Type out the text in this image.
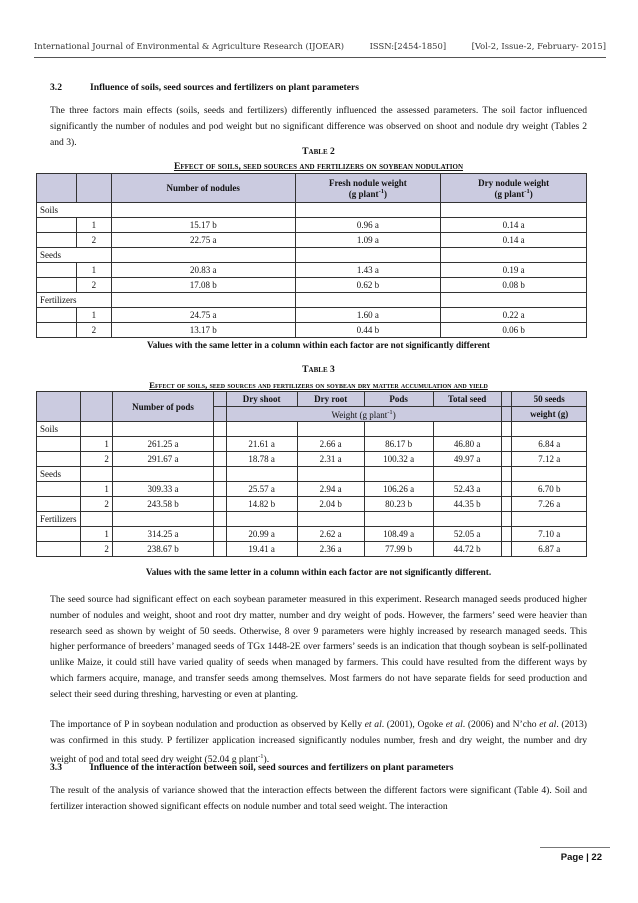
International Journal of Environmental & Agriculture Research (IJOEAR)	ISSN:[2454-1850]	[Vol-2, Issue-2, February- 2015]
3.2	Influence of soils, seed sources and fertilizers on plant parameters

The three factors main effects (soils, seeds and fertilizers) differently influenced the assessed parameters. The soil factor influenced significantly the number of nodules and pod weight but no significant difference was observed on shoot and nodule dry weight (Tables 2 and 3).

Table 2
Effect of soils, seed sources and fertilizers on soybean nodulation
		Number of nodules	Fresh nodule weight
(g plant$^{-1}$)	Dry nodule weight
(g plant$^{-1}$)
Soils				
	1	15.17 b	0.96 a	0.14 a
	2	22.75 a	1.09 a	0.14 a
Seeds				
	1	20.83 a	1.43 a	0.19 a
	2	17.08 b	0.62 b	0.08 b
Fertilizers				
	1	24.75 a	1.60 a	0.22 a
	2	13.17 b	0.44 b	0.06 b
Values with the same letter in a column within each factor are not significantly different
Table 3
Effect of soils, seed sources and fertilizers on soybean dry matter accumulation and yield
		Number of pods		Dry shoot	Dry root	Pods	Total seed		50 seeds
				Weight (g plant$^{-1}$)					weight (g)
Soils									
	1	261.25 a		21.61 a	2.66 a	86.17 b	46.80 a		6.84 a
	2	291.67 a		18.78 a	2.31 a	100.32 a	49.97 a		7.12 a
Seeds									
	1	309.33 a		25.57 a	2.94 a	106.26 a	52.43 a		6.70 b
	2	243.58 b		14.82 b	2.04 b	80.23 b	44.35 b		7.26 a
Fertilizers									
	1	314.25 a		20.99 a	2.62 a	108.49 a	52.05 a		7.10 a
	2	238.67 b		19.41 a	2.36 a	77.99 b	44.72 b		6.87 a
Values with the same letter in a column within each factor are not significantly different.

The seed source had significant effect on each soybean parameter measured in this experiment. Research managed seeds produced higher number of nodules and weight, shoot and root dry matter, number and dry weight of pods. However, the farmers’ seed were heavier than research seed as shown by weight of 50 seeds. Otherwise, 8 over 9 parameters were highly increased by research managed seeds. This higher performance of breeders’ managed seeds of TGx 1448-2E over farmers’ seeds is an indication that though soybean is self-pollinated unlike Maize, it could still have varied quality of seeds when managed by farmers. This could have resulted from the different ways by which farmers acquire, manage, and transfer seeds among themselves. Most farmers do not have separate fields for seed production and select their seed during threshing, harvesting or even at planting.

The importance of P in soybean nodulation and production as observed by Kelly et al. (2001), Ogoke et al. (2006) and N’cho et al. (2013) was confirmed in this study. P fertilizer application increased significantly nodules number, fresh and dry weight, the number and dry weight of pod and total seed dry weight (52.04 g plant$^{-1}$).

3.3	Influence of the interaction between soil, seed sources and fertilizers on plant parameters

The result of the analysis of variance showed that the interaction effects between the different factors were significant (Table 4). Soil and fertilizer interaction showed significant effects on nodule number and total seed weight. The interaction

Page | 22
